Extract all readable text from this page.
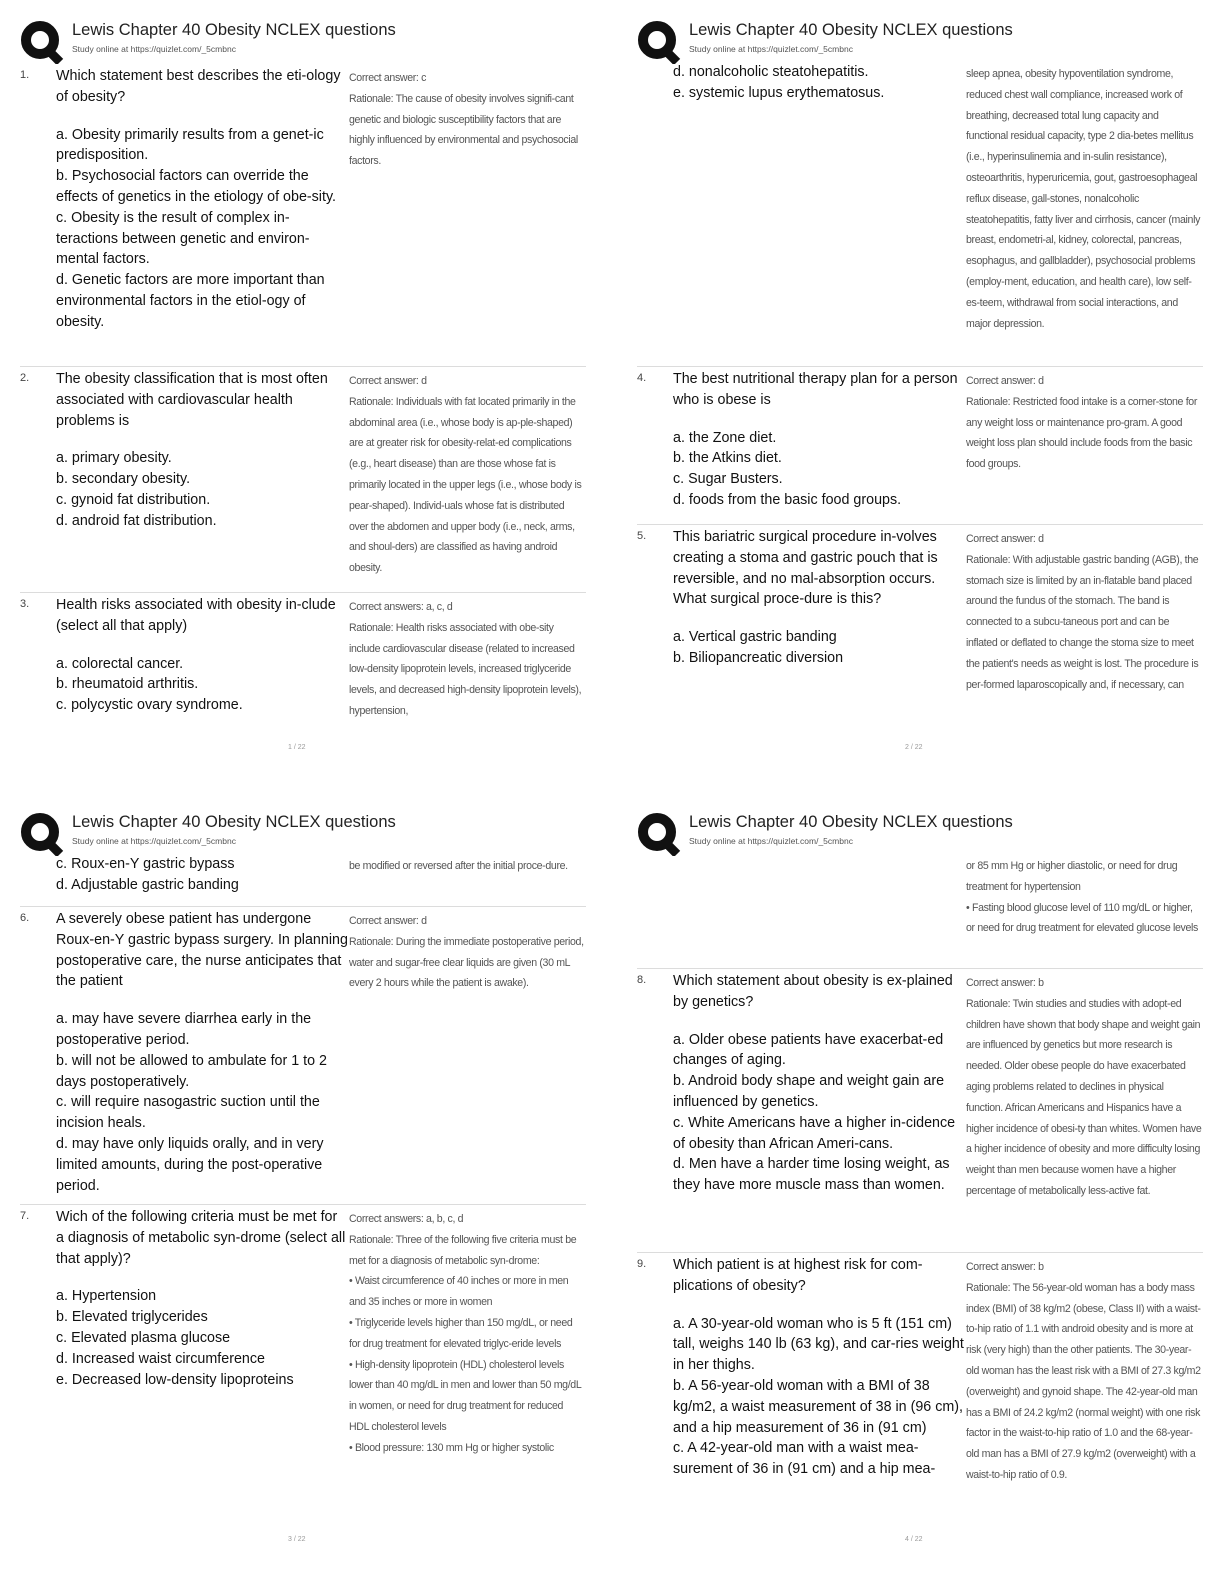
Lewis Chapter 40 Obesity NCLEX questions
Study online at https://quizlet.com/_5cmbnc
1.	Which statement best describes the eti-ology of obesity?

a. Obesity primarily results from a genet-ic predisposition.

b. Psychosocial factors can override the effects of genetics in the etiology of obe-sity.

c. Obesity is the result of complex in-teractions between genetic and environ-mental factors.

d. Genetic factors are more important than environmental factors in the etiol-ogy of obesity.

Correct answer: c

Rationale: The cause of obesity involves signifi-cant genetic and biologic susceptibility factors that are highly influenced by environmental and psychosocial factors.

2.	The obesity classification that is most often associated with cardiovascular health problems is

a. primary obesity.

b. secondary obesity.

c. gynoid fat distribution.

d. android fat distribution.

Correct answer: d

Rationale: Individuals with fat located primarily in the abdominal area (i.e., whose body is ap-ple-shaped) are at greater risk for obesity-relat-ed complications (e.g., heart disease) than are those whose fat is primarily located in the upper legs (i.e., whose body is pear-shaped). Individ-uals whose fat is distributed over the abdomen and upper body (i.e., neck, arms, and shoul-ders) are classified as having android obesity.

3.	Health risks associated with obesity in-clude (select all that apply)

a. colorectal cancer.

b. rheumatoid arthritis.

c. polycystic ovary syndrome.

Correct answers: a, c, d

Rationale: Health risks associated with obe-sity include cardiovascular disease (related to increased low-density lipoprotein levels, increased triglyceride levels, and decreased high-density lipoprotein levels), hypertension,

1 / 22
Lewis Chapter 40 Obesity NCLEX questions
Study online at https://quizlet.com/_5cmbnc

d. nonalcoholic steatohepatitis.

e. systemic lupus erythematosus.

sleep apnea, obesity hypoventilation syndrome, reduced chest wall compliance, increased work of breathing, decreased total lung capacity and functional residual capacity, type 2 dia-betes mellitus (i.e., hyperinsulinemia and in-sulin resistance), osteoarthritis, hyperuricemia, gout, gastroesophageal reflux disease, gall-stones, nonalcoholic steatohepatitis, fatty liver and cirrhosis, cancer (mainly breast, endometri-al, kidney, colorectal, pancreas, esophagus, and gallbladder), psychosocial problems (employ-ment, education, and health care), low self-es-teem, withdrawal from social interactions, and major depression.

4.	The best nutritional therapy plan for a person who is obese is

a. the Zone diet.

b. the Atkins diet.

c. Sugar Busters.

d. foods from the basic food groups.

Correct answer: d

Rationale: Restricted food intake is a corner-stone for any weight loss or maintenance pro-gram. A good weight loss plan should include foods from the basic food groups.

5.	This bariatric surgical procedure in-volves creating a stoma and gastric pouch that is reversible, and no mal-absorption occurs. What surgical proce-dure is this?

a. Vertical gastric banding

b. Biliopancreatic diversion

Correct answer: d

Rationale: With adjustable gastric banding (AGB), the stomach size is limited by an in-flatable band placed around the fundus of the stomach. The band is connected to a subcu-taneous port and can be inflated or deflated to change the stoma size to meet the patient's needs as weight is lost. The procedure is per-formed laparoscopically and, if necessary, can

2 / 22
Lewis Chapter 40 Obesity NCLEX questions
Study online at https://quizlet.com/_5cmbnc

c. Roux-en-Y gastric bypass

d. Adjustable gastric banding

be modified or reversed after the initial proce-dure.

6.	A severely obese patient has undergone Roux-en-Y gastric bypass surgery. In planning postoperative care, the nurse anticipates that the patient

a. may have severe diarrhea early in the postoperative period.

b. will not be allowed to ambulate for 1 to 2 days postoperatively.

c. will require nasogastric suction until the incision heals.

d. may have only liquids orally, and in very limited amounts, during the post-operative period.

Correct answer: d

Rationale: During the immediate postoperative period, water and sugar-free clear liquids are given (30 mL every 2 hours while the patient is awake).

7.	Wich of the following criteria must be met for a diagnosis of metabolic syn-drome (select all that apply)?

a. Hypertension

b. Elevated triglycerides

c. Elevated plasma glucose

d. Increased waist circumference

e. Decreased low-density lipoproteins

Correct answers: a, b, c, d

Rationale: Three of the following five criteria must be met for a diagnosis of metabolic syn-drome:

• Waist circumference of 40 inches or more in men and 35 inches or more in women

• Triglyceride levels higher than 150 mg/dL, or need for drug treatment for elevated triglyc-eride levels

• High-density lipoprotein (HDL) cholesterol levels lower than 40 mg/dL in men and lower than 50 mg/dL in women, or need for drug treatment for reduced HDL cholesterol levels

• Blood pressure: 130 mm Hg or higher systolic

3 / 22
Lewis Chapter 40 Obesity NCLEX questions
Study online at https://quizlet.com/_5cmbnc

or 85 mm Hg or higher diastolic, or need for drug treatment for hypertension

• Fasting blood glucose level of 110 mg/dL or higher, or need for drug treatment for elevated glucose levels

8.	Which statement about obesity is ex-plained by genetics?

a. Older obese patients have exacerbat-ed changes of aging.

b. Android body shape and weight gain are influenced by genetics.

c. White Americans have a higher in-cidence of obesity than African Ameri-cans.

d. Men have a harder time losing weight, as they have more muscle mass than women.

Correct answer: b

Rationale: Twin studies and studies with adopt-ed children have shown that body shape and weight gain are influenced by genetics but more research is needed. Older obese people do have exacerbated aging problems related to declines in physical function. African Americans and Hispanics have a higher incidence of obesi-ty than whites. Women have a higher incidence of obesity and more difficulty losing weight than men because women have a higher percentage of metabolically less-active fat.

9.	Which patient is at highest risk for com-plications of obesity?

a. A 30-year-old woman who is 5 ft (151 cm) tall, weighs 140 lb (63 kg), and car-ries weight in her thighs.

b. A 56-year-old woman with a BMI of 38 kg/m2, a waist measurement of 38 in (96 cm), and a hip measurement of 36 in (91 cm)

c. A 42-year-old man with a waist mea-surement of 36 in (91 cm) and a hip mea-

Correct answer: b

Rationale: The 56-year-old woman has a body mass index (BMI) of 38 kg/m2 (obese, Class II) with a waist-to-hip ratio of 1.1 with android obesity and is more at risk (very high) than the other patients. The 30-year-old woman has the least risk with a BMI of 27.3 kg/m2 (overweight) and gynoid shape. The 42-year-old man has a BMI of 24.2 kg/m2 (normal weight) with one risk factor in the waist-to-hip ratio of 1.0 and the 68-year-old man has a BMI of 27.9 kg/m2 (overweight) with a waist-to-hip ratio of 0.9.

4 / 22
